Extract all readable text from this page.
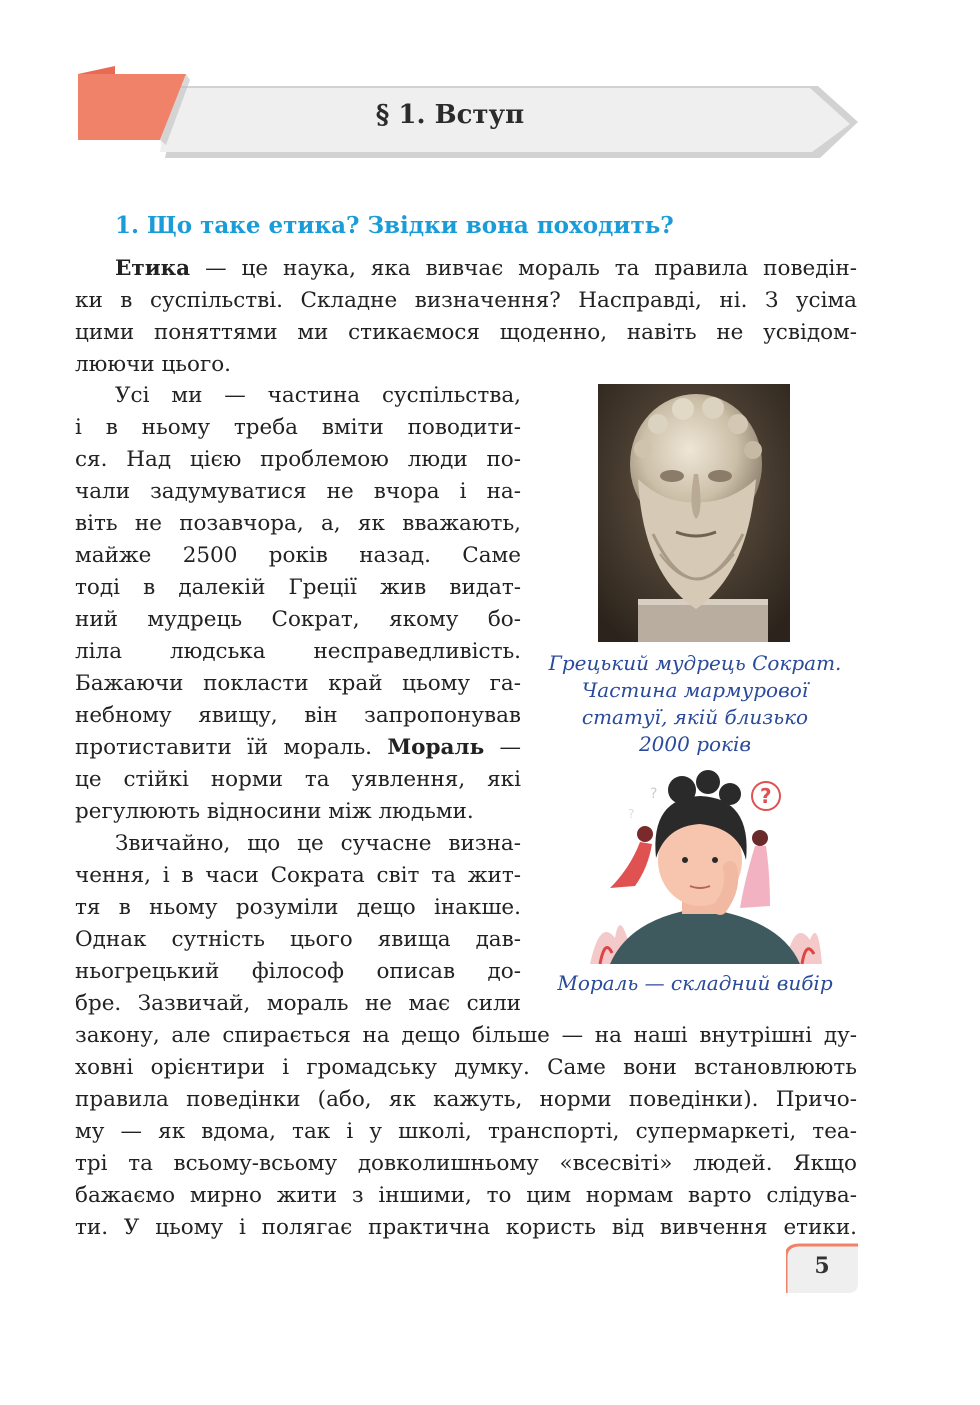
§ 1. Вступ
1. Що таке етика? Звідки вона походить?
Етика — це наука, яка вивчає мораль та правила поведін-
ки в суспільстві. Складне визначення? Насправді, ні. З усіма
цими поняттями ми стикаємося щоденно, навіть не усвідом-
люючи цього.
Усі ми — частина суспільства,
і в ньому треба вміти поводити-
ся. Над цією проблемою люди по-
чали задумуватися не вчора і на-
віть не позавчора, а, як вважають,
майже 2500 років назад. Саме
тоді в далекій Греції жив видат-
ний мудрець Сократ, якому бо-
ліла людська несправедливість.
Бажаючи покласти край цьому га-
небному явищу, він запропонував
протиставити їй мораль. Мораль —
це стійкі норми та уявлення, які
регулюють відносини між людьми.
Звичайно, що це сучасне визна-
чення, і в часи Сократа світ та жит-
тя в ньому розуміли дещо інакше.
Однак сутність цього явища дав-
ньогрецький філософ описав до-
бре. Зазвичай, мораль не має сили
закону, але спирається на дещо більше — на наші внутрішні ду-
ховні орієнтири і громадську думку. Саме вони встановлюють
правила поведінки (або, як кажуть, норми поведінки). Причо-
му — як вдома, так і у школі, транспорті, супермаркеті, теа-
трі та всьому-всьому довколишньому «всесвіті» людей. Якщо
бажаємо мирно жити з іншими, то цим нормам варто слідува-
ти. У цьому і полягає практична користь від вивчення етики.
Грецький мудрець Сократ.
Частина мармурової
статуї, якій близько
2000 років
?
?
?
Мораль — складний вибір
5
